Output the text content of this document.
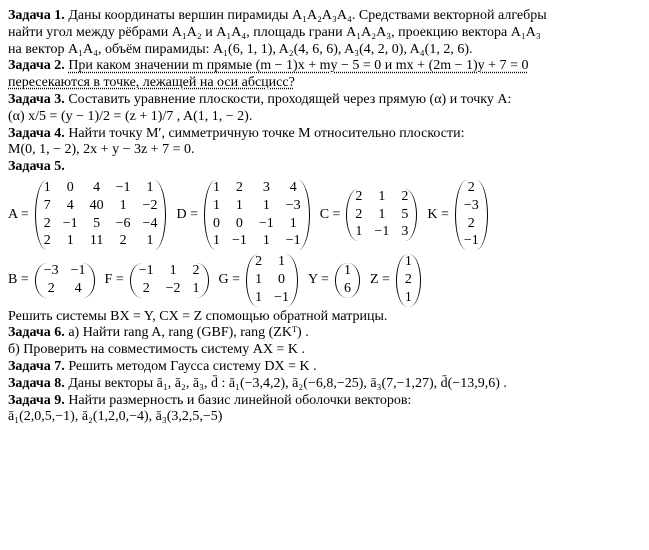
Задача 1. Даны координаты вершин пирамиды A₁A₂A₃A₄. Средствами векторной алгебры

найти угол между рёбрами A₁A₂ и A₁A₄, площадь грани A₁A₂A₃, проекцию вектора A₁A₃

на вектор A₁A₄, объём пирамиды: A₁(6, 1, 1), A₂(4, 6, 6), A₃(4, 2, 0), A₄(1, 2, 6).

Задача 2. При каком значении m прямые (m − 1)x + my − 5 = 0 и mx + (2m − 1)y + 7 = 0

пересекаются в точке, лежащей на оси абсцисс?

Задача 3. Составить уравнение плоскости, проходящей через прямую (α) и точку A:

(α) x/5 = (y − 1)/2 = (z + 1)/7 , A(1, 1, − 2).

Задача 4. Найти точку M′, симметричную точке M относительно плоскости:

M(0, 1, − 2), 2x + y − 3z + 7 = 0.

Задача 5.

A =
1 0 4 −1 1
7 4 40 1 −2
2 −1 5 −6 −4
2 1 11 2 1
D =
1 2 3 4
1 1 1 −3
0 0 −1 1
1 −1 1 −1
C =
2 1 2
2 1 5
1 −1 3
K =
2
−3
2
−1
B =
−3 −1
2 4
F =
−1 1 2
2 −2 1
G =
2 1
1 0
1 −1
Y =
1
6
Z =
1
2
1

Решить системы BX = Y, CX = Z спомощью обратной матрицы.

Задача 6. а) Найти rang A, rang (GBF), rang (ZKᵀ) .

б) Проверить на совместимость систему AX = K .

Задача 7. Решить методом Гаусса систему DX = K .

Задача 8. Даны векторы ā₁, ā₂, ā₃, d̄ : ā₁(−3,4,2), ā₂(−6,8,−25), ā₃(7,−1,27), d̄(−13,9,6) .

Задача 9. Найти размерность и базис линейной оболочки векторов:

ā₁(2,0,5,−1), ā₂(1,2,0,−4), ā₃(3,2,5,−5)
